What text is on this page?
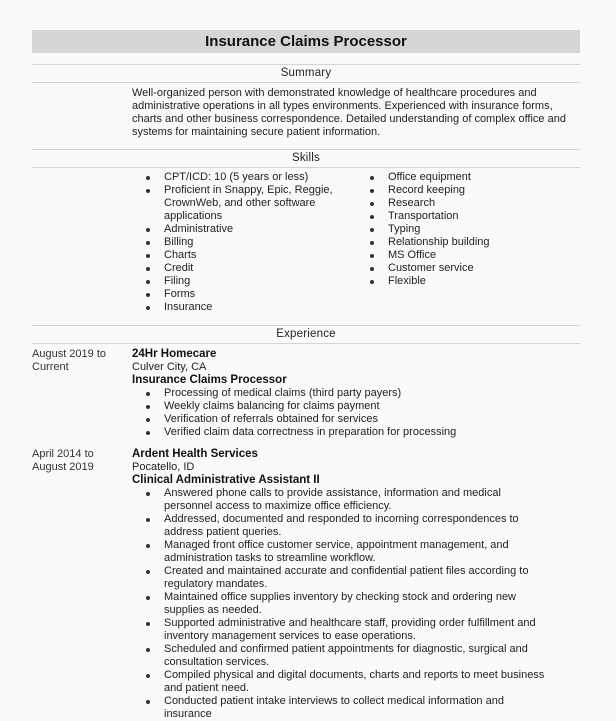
Insurance Claims Processor
Summary
Well-organized person with demonstrated knowledge of healthcare procedures and administrative operations in all types environments. Experienced with insurance forms, charts and other business correspondence. Detailed understanding of complex office and systems for maintaining secure patient information.
Skills
CPT/ICD: 10 (5 years or less)
Proficient in Snappy, Epic, Reggie, CrownWeb, and other software applications
Administrative
Billing
Charts
Credit
Filing
Forms
Insurance
Office equipment
Record keeping
Research
Transportation
Typing
Relationship building
MS Office
Customer service
Flexible
Experience
August 2019 to Current
24Hr Homecare
Culver City, CA
Insurance Claims Processor
Processing of medical claims (third party payers)
Weekly claims balancing for claims payment
Verification of referrals obtained for services
Verified claim data correctness in preparation for processing
April 2014 to August 2019
Ardent Health Services
Pocatello, ID
Clinical Administrative Assistant II
Answered phone calls to provide assistance, information and medical personnel access to maximize office efficiency.
Addressed, documented and responded to incoming correspondences to address patient queries.
Managed front office customer service, appointment management, and administration tasks to streamline workflow.
Created and maintained accurate and confidential patient files according to regulatory mandates.
Maintained office supplies inventory by checking stock and ordering new supplies as needed.
Supported administrative and healthcare staff, providing order fulfillment and inventory management services to ease operations.
Scheduled and confirmed patient appointments for diagnostic, surgical and consultation services.
Compiled physical and digital documents, charts and reports to meet business and patient need.
Conducted patient intake interviews to collect medical information and insurance
